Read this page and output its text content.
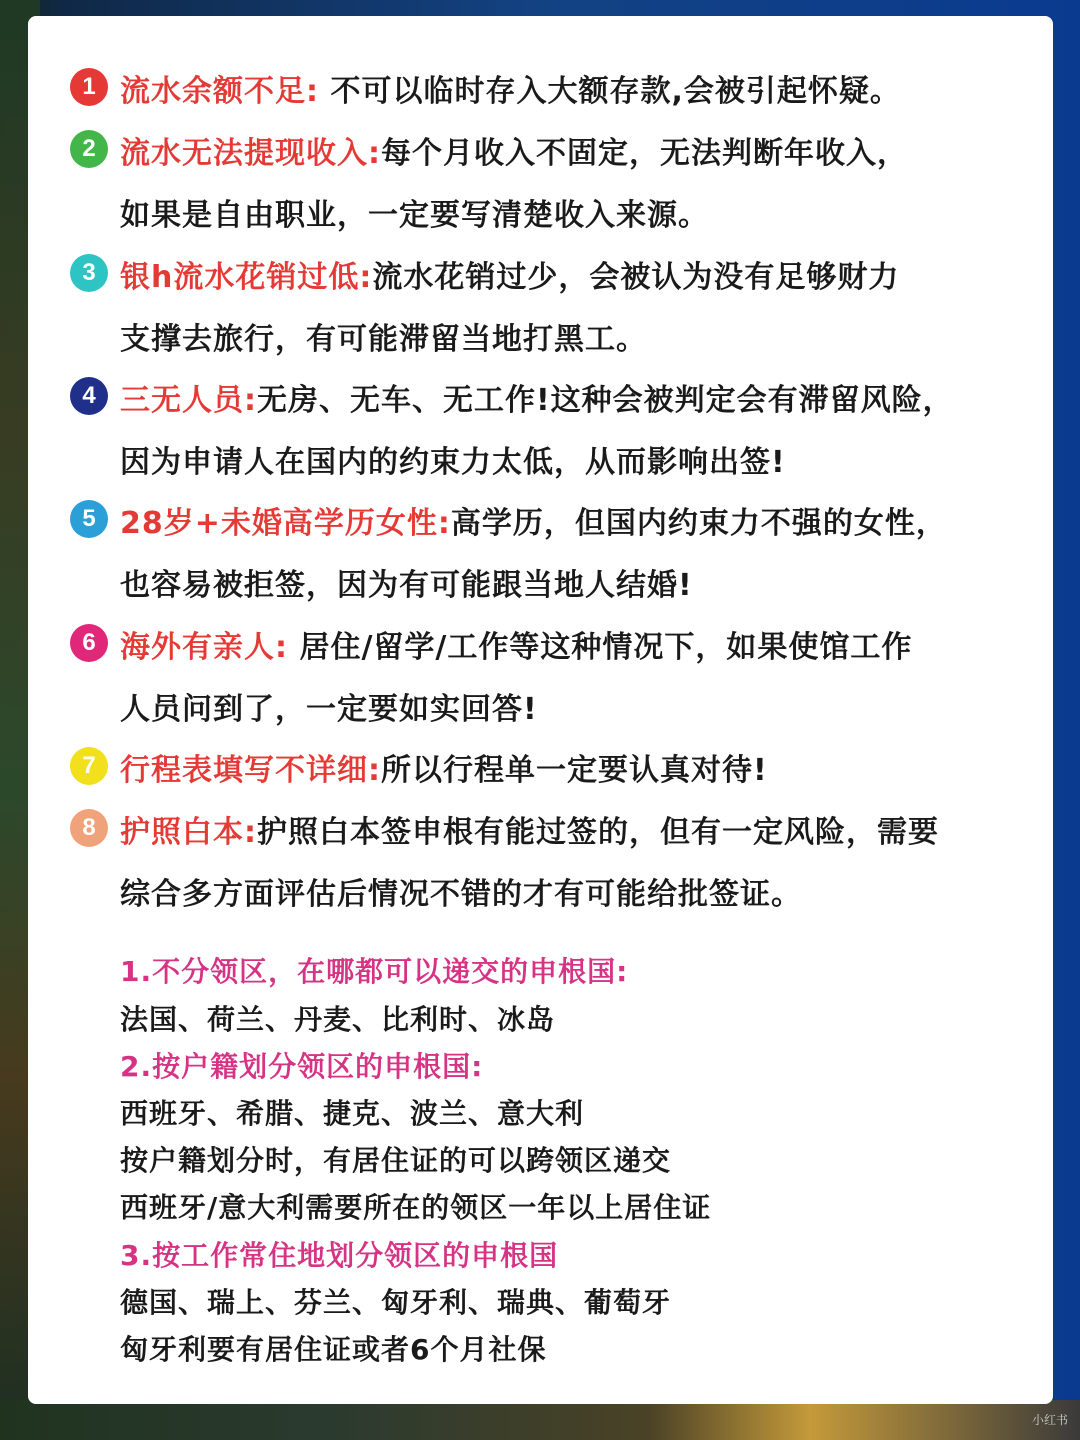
1 流水余额不足: 不可以临时存入大额存款,会被引起怀疑。
2 流水无法提现收入:每个月收入不固定，无法判断年收入，
如果是自由职业，一定要写清楚收入来源。
3 银h流水花销过低:流水花销过少，会被认为没有足够财力
支撑去旅行，有可能滞留当地打黑工。
4 三无人员:无房、无车、无工作!这种会被判定会有滞留风险，
因为申请人在国内的约束力太低，从而影响出签!
5 28岁+未婚高学历女性:高学历，但国内约束力不强的女性，
也容易被拒签，因为有可能跟当地人结婚!
6 海外有亲人: 居住/留学/工作等这种情况下，如果使馆工作
人员问到了，一定要如实回答!
7 行程表填写不详细:所以行程单一定要认真对待!
8 护照白本:护照白本签申根有能过签的，但有一定风险，需要
综合多方面评估后情况不错的才有可能给批签证。
1.不分领区，在哪都可以递交的申根国:
法国、荷兰、丹麦、比利时、冰岛
2.按户籍划分领区的申根国:
西班牙、希腊、捷克、波兰、意大利
按户籍划分时，有居住证的可以跨领区递交
西班牙/意大利需要所在的领区一年以上居住证
3.按工作常住地划分领区的申根国
德国、瑞上、芬兰、匈牙利、瑞典、葡萄牙
匈牙利要有居住证或者6个月社保
小红书
